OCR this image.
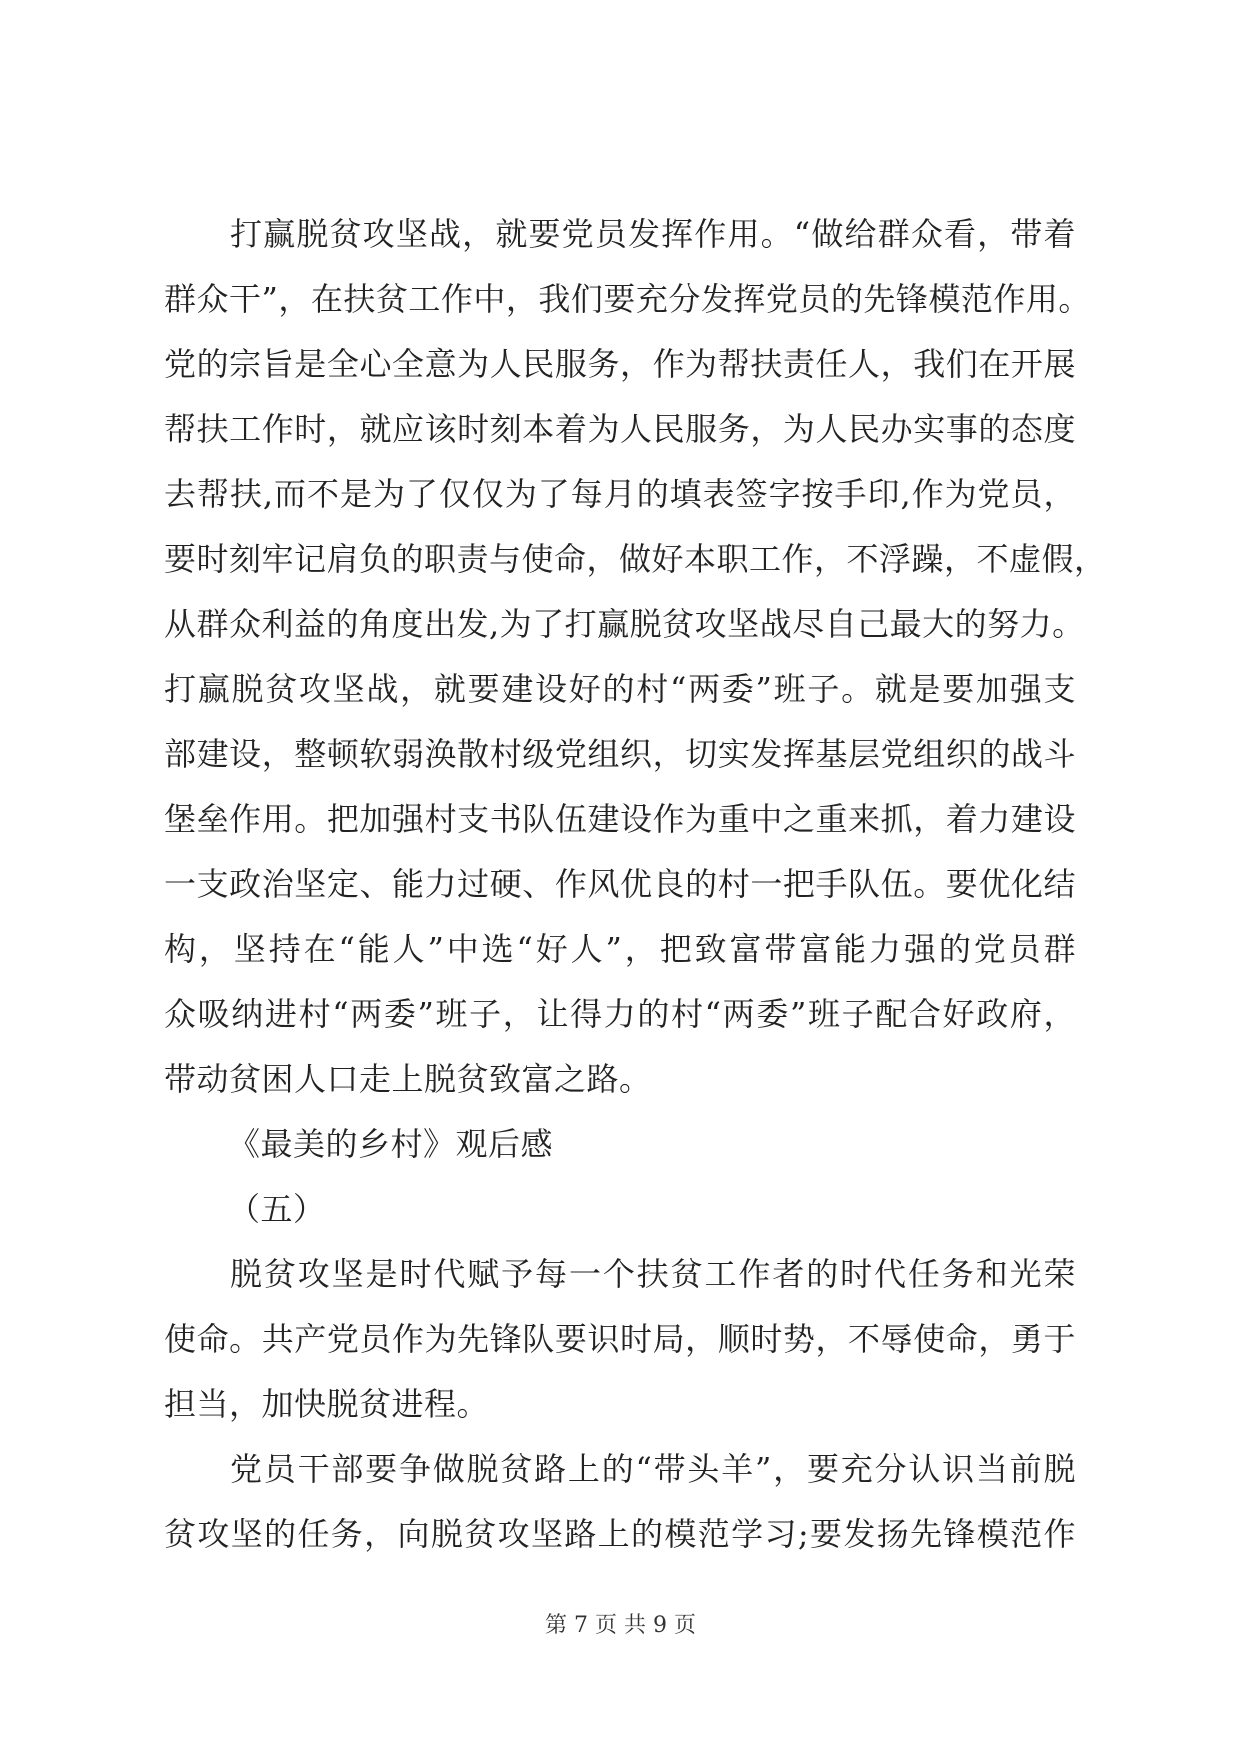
打赢脱贫攻坚战，就要党员发挥作用。“做给群众看，带着
群众干”，在扶贫工作中，我们要充分发挥党员的先锋模范作用。
党的宗旨是全心全意为人民服务，作为帮扶责任人，我们在开展
帮扶工作时，就应该时刻本着为人民服务，为人民办实事的态度
去帮扶,而不是为了仅仅为了每月的填表签字按手印,作为党员，
要时刻牢记肩负的职责与使命，做好本职工作，不浮躁，不虚假，
从群众利益的角度出发,为了打赢脱贫攻坚战尽自己最大的努力。
打赢脱贫攻坚战，就要建设好的村“两委”班子。就是要加强支
部建设，整顿软弱涣散村级党组织，切实发挥基层党组织的战斗
堡垒作用。把加强村支书队伍建设作为重中之重来抓，着力建设
一支政治坚定、能力过硬、作风优良的村一把手队伍。要优化结
构，坚持在“能人”中选“好人”，把致富带富能力强的党员群
众吸纳进村“两委”班子，让得力的村“两委”班子配合好政府，
带动贫困人口走上脱贫致富之路。
《最美的乡村》观后感
（五）
脱贫攻坚是时代赋予每一个扶贫工作者的时代任务和光荣
使命。共产党员作为先锋队要识时局，顺时势，不辱使命，勇于
担当，加快脱贫进程。
党员干部要争做脱贫路上的“带头羊”，要充分认识当前脱
贫攻坚的任务，向脱贫攻坚路上的模范学习;要发扬先锋模范作
第 7 页 共 9 页
